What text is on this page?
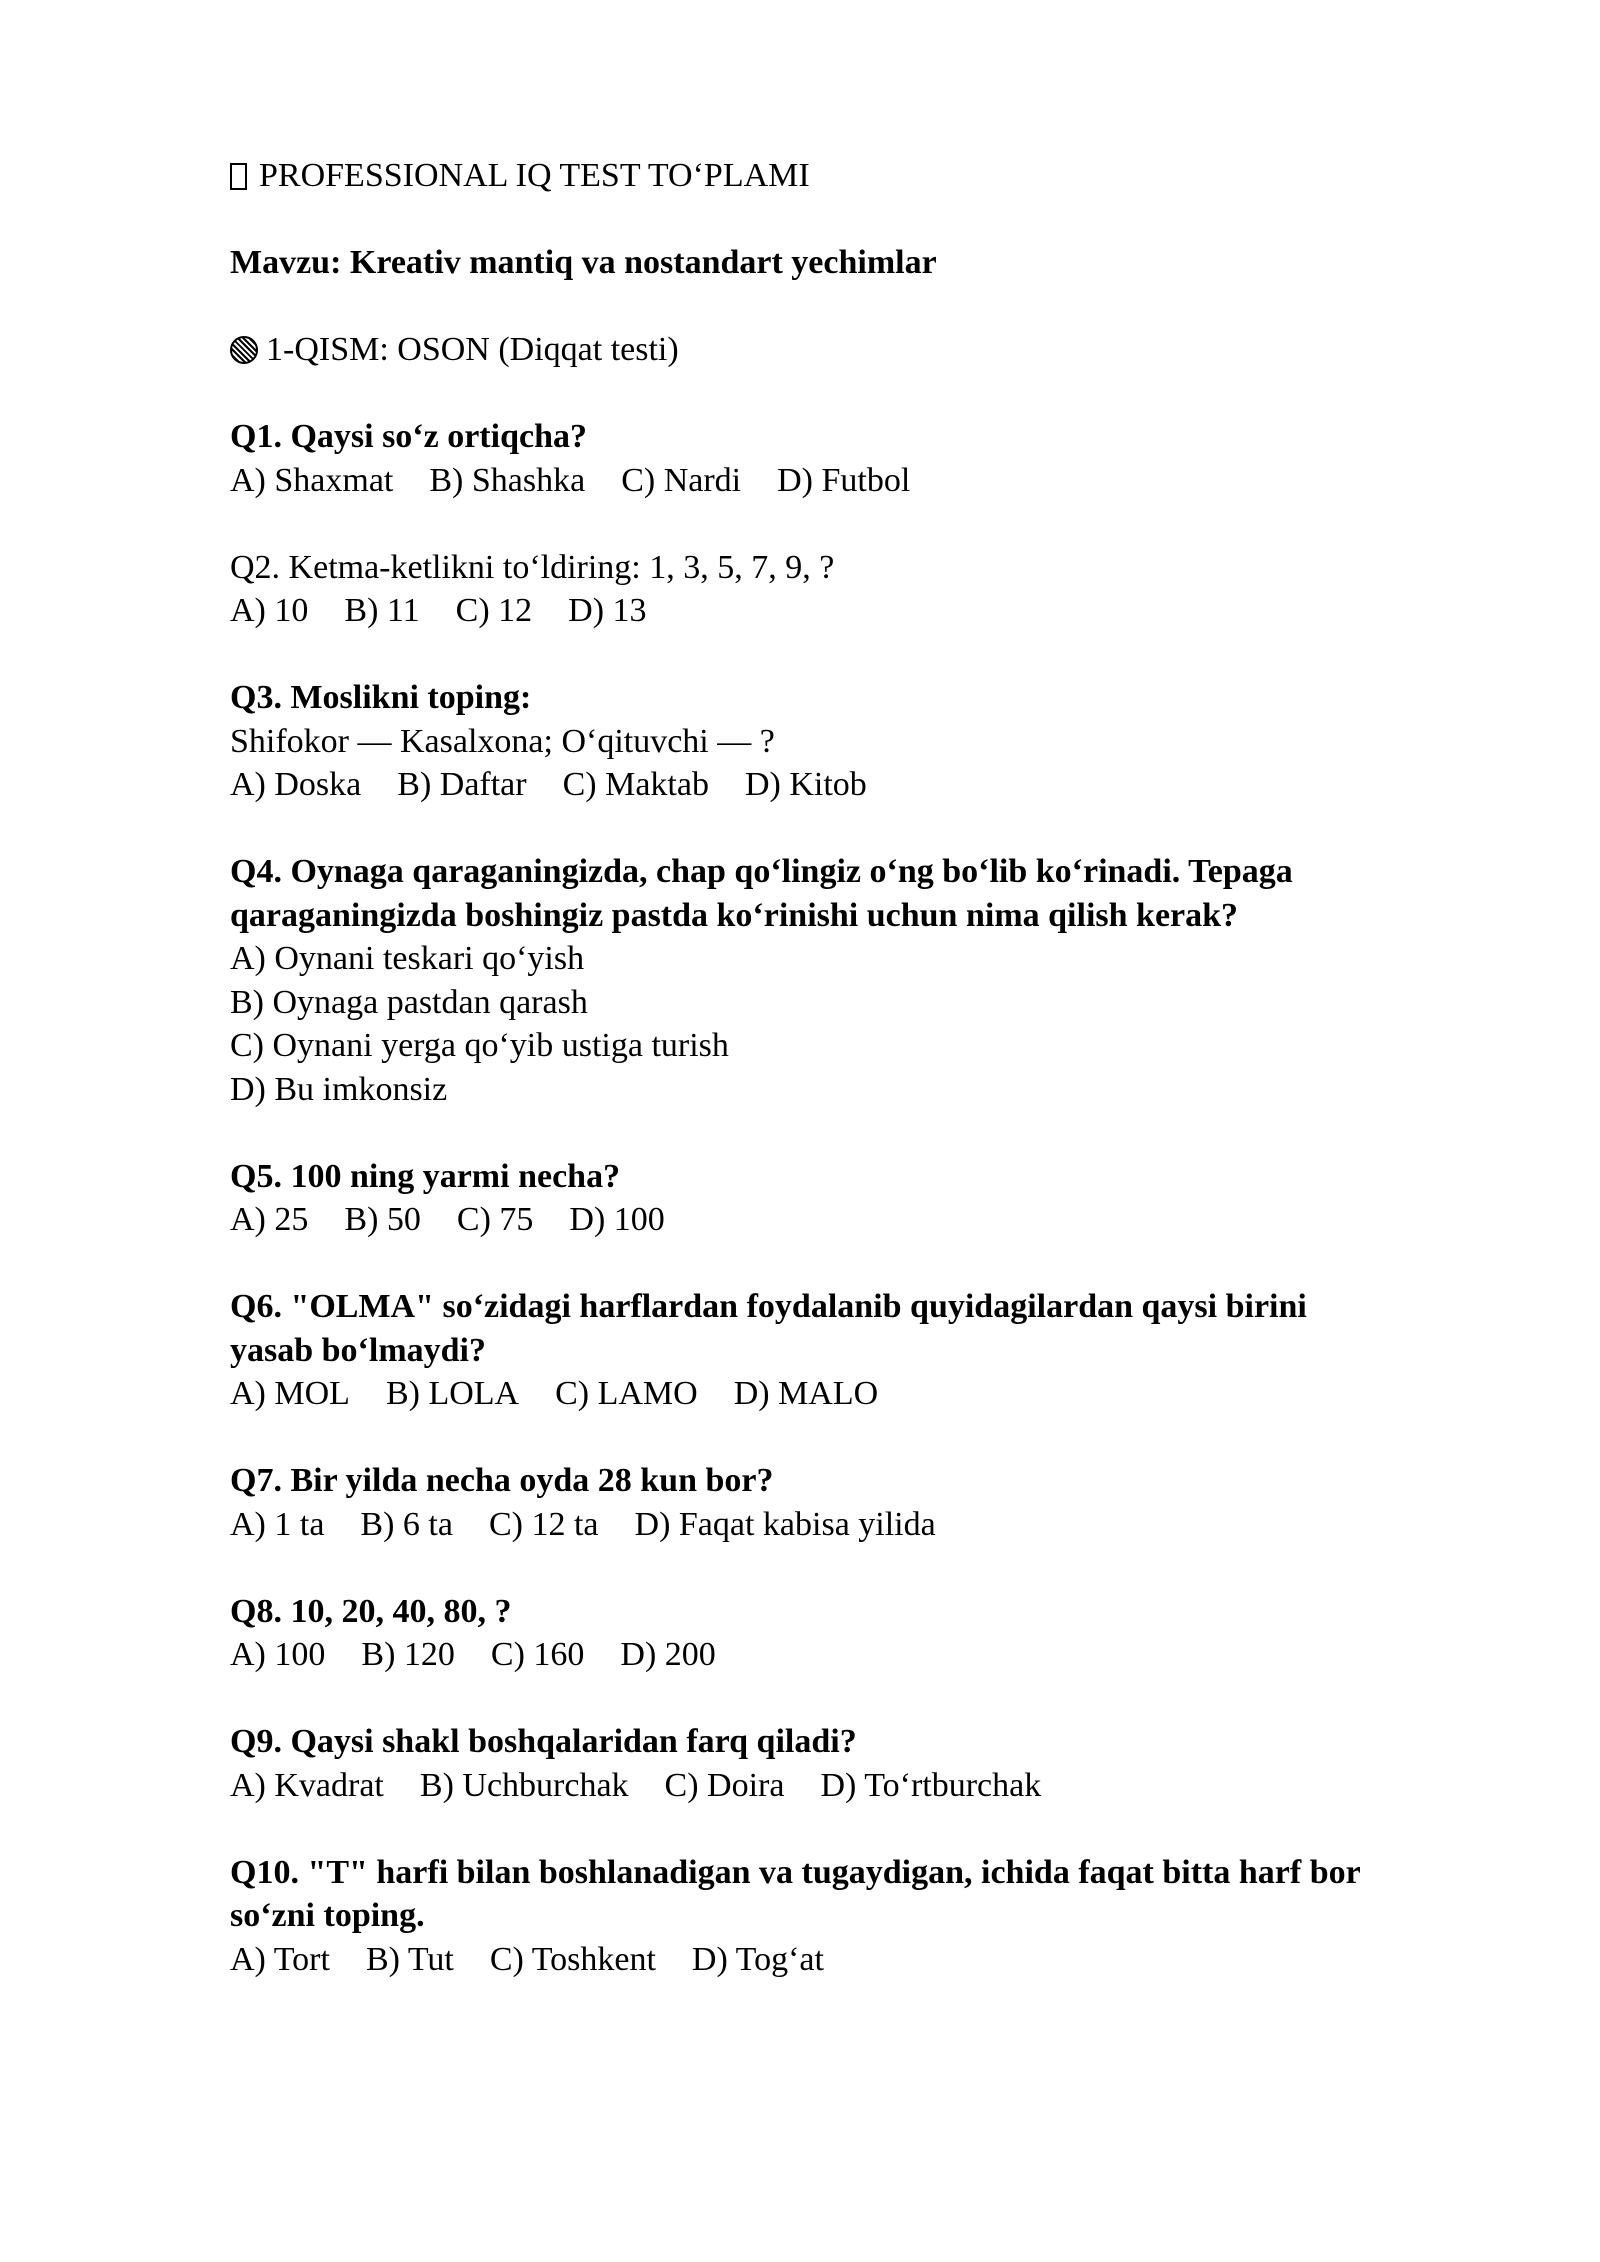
PROFESSIONAL IQ TEST TO‘PLAMI
Mavzu: Kreativ mantiq va nostandart yechimlar
1-QISM: OSON (Diqqat testi)
Q1. Qaysi so‘z ortiqcha?
A) Shaxmat B) Shashka C) Nardi D) Futbol
Q2. Ketma-ketlikni to‘ldiring: 1, 3, 5, 7, 9, ?
A) 10 B) 11 C) 12 D) 13
Q3. Moslikni toping:
Shifokor — Kasalxona; O‘qituvchi — ?
A) Doska B) Daftar C) Maktab D) Kitob
Q4. Oynaga qaraganingizda, chap qo‘lingiz o‘ng bo‘lib ko‘rinadi. Tepaga
qaraganingizda boshingiz pastda ko‘rinishi uchun nima qilish kerak?
A) Oynani teskari qo‘yish
B) Oynaga pastdan qarash
C) Oynani yerga qo‘yib ustiga turish
D) Bu imkonsiz
Q5. 100 ning yarmi necha?
A) 25 B) 50 C) 75 D) 100
Q6. "OLMA" so‘zidagi harflardan foydalanib quyidagilardan qaysi birini
yasab bo‘lmaydi?
A) MOL B) LOLA C) LAMO D) MALO
Q7. Bir yilda necha oyda 28 kun bor?
A) 1 ta B) 6 ta C) 12 ta D) Faqat kabisa yilida
Q8. 10, 20, 40, 80, ?
A) 100 B) 120 C) 160 D) 200
Q9. Qaysi shakl boshqalaridan farq qiladi?
A) Kvadrat B) Uchburchak C) Doira D) To‘rtburchak
Q10. "T" harfi bilan boshlanadigan va tugaydigan, ichida faqat bitta harf bor
so‘zni toping.
A) Tort B) Tut C) Toshkent D) Tog‘at
